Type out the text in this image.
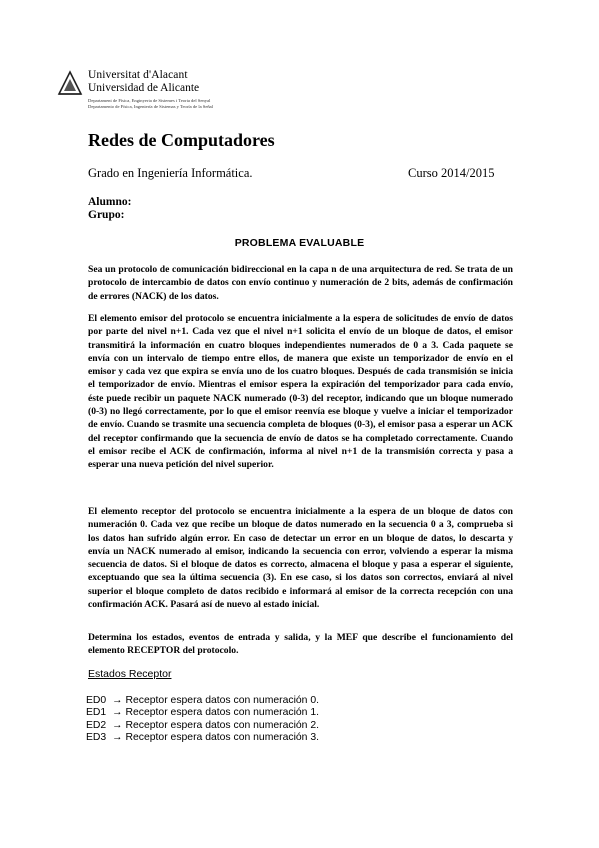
Universitat d'Alacant
Universidad de Alicante
Departament de Física, Enginyeria de Sistemes i Teoria del Senyal
Departamento de Física, Ingeniería de Sistemas y Teoría de la Señal
Redes de Computadores
Grado en Ingeniería Informática.	Curso 2014/2015
Alumno:
Grupo:
PROBLEMA EVALUABLE

Sea un protocolo de comunicación bidireccional en la capa n de una arquitectura de red. Se trata de un protocolo de intercambio de datos con envío continuo y numeración de 2 bits, además de confirmación de errores (NACK) de los datos.

El elemento emisor del protocolo se encuentra inicialmente a la espera de solicitudes de envío de datos por parte del nivel n+1. Cada vez que el nivel n+1 solicita el envío de un bloque de datos, el emisor transmitirá la información en cuatro bloques independientes numerados de 0 a 3. Cada paquete se envía con un intervalo de tiempo entre ellos, de manera que existe un temporizador de envío en el emisor y cada vez que expira se envía uno de los cuatro bloques. Después de cada transmisión se inicia el temporizador de envío. Mientras el emisor espera la expiración del temporizador para cada envío, éste puede recibir un paquete NACK numerado (0-3) del receptor, indicando que un bloque numerado (0-3) no llegó correctamente, por lo que el emisor reenvía ese bloque y vuelve a iniciar el temporizador de envío. Cuando se trasmite una secuencia completa de bloques (0-3), el emisor pasa a esperar un ACK del receptor confirmando que la secuencia de envío de datos se ha completado correctamente. Cuando el emisor recibe el ACK de confirmación, informa al nivel n+1 de la transmisión correcta y pasa a esperar una nueva petición del nivel superior.

El elemento receptor del protocolo se encuentra inicialmente a la espera de un bloque de datos con numeración 0. Cada vez que recibe un bloque de datos numerado en la secuencia 0 a 3, comprueba si los datos han sufrido algún error. En caso de detectar un error en un bloque de datos, lo descarta y envía un NACK numerado al emisor, indicando la secuencia con error, volviendo a esperar la misma secuencia de datos. Si el bloque de datos es correcto, almacena el bloque y pasa a esperar el siguiente, exceptuando que sea la última secuencia (3). En ese caso, si los datos son correctos, enviará al nivel superior el bloque completo de datos recibido e informará al emisor de la correcta recepción con una confirmación ACK. Pasará así de nuevo al estado inicial.

Determina los estados, eventos de entrada y salida, y la MEF que describe el funcionamiento del elemento RECEPTOR del protocolo.

Estados Receptor
ED0 → Receptor espera datos con numeración 0.
ED1 → Receptor espera datos con numeración 1.
ED2 → Receptor espera datos con numeración 2.
ED3 → Receptor espera datos con numeración 3.
